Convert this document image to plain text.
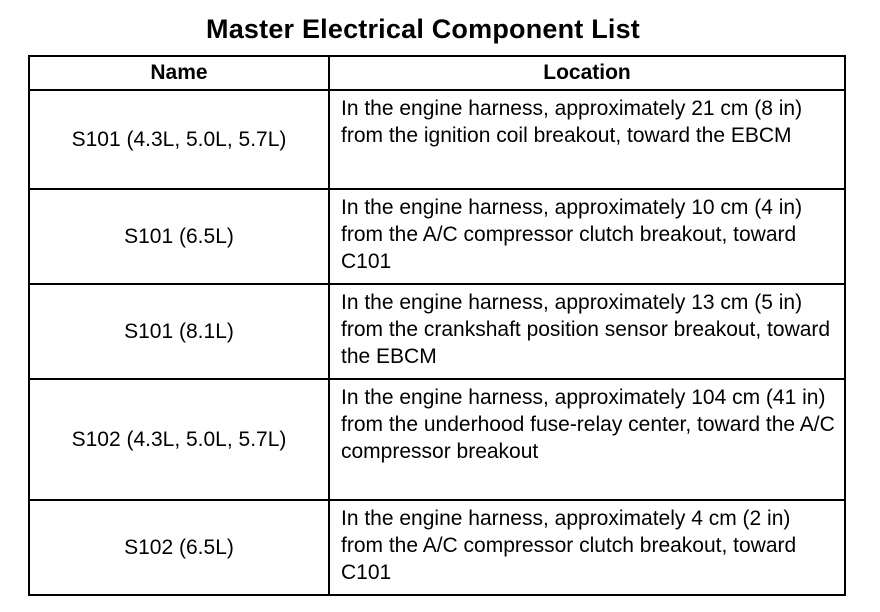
Master Electrical Component List
Name	Location
S101 (4.3L, 5.0L, 5.7L)	In the engine harness, approximately 21 cm (8 in) from the ignition coil breakout, toward the EBCM
S101 (6.5L)	In the engine harness, approximately 10 cm (4 in) from the A/C compressor clutch breakout, toward C101
S101 (8.1L)	In the engine harness, approximately 13 cm (5 in) from the crankshaft position sensor breakout, toward the EBCM
S102 (4.3L, 5.0L, 5.7L)	In the engine harness, approximately 104 cm (41 in) from the underhood fuse-relay center, toward the A/C compressor breakout
S102 (6.5L)	In the engine harness, approximately 4 cm (2 in) from the A/C compressor clutch breakout, toward C101
